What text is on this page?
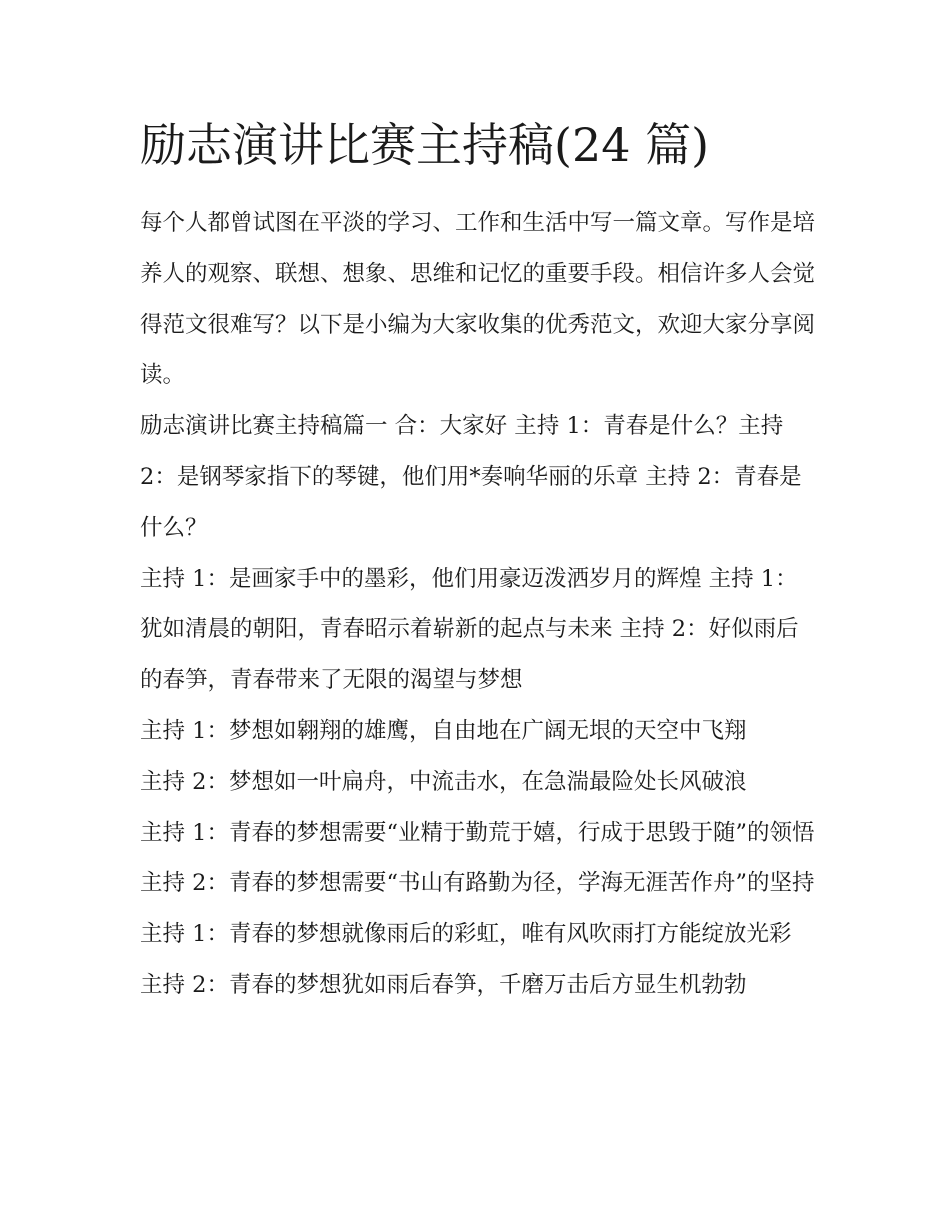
励志演讲比赛主持稿(24 篇)

每个人都曾试图在平淡的学习、工作和生活中写一篇文章。写作是培养人的观察、联想、想象、思维和记忆的重要手段。相信许多人会觉得范文很难写？以下是小编为大家收集的优秀范文，欢迎大家分享阅读。

励志演讲比赛主持稿篇一 合：大家好 主持 1：青春是什么？主持 2：是钢琴家指下的琴键，他们用*奏响华丽的乐章 主持 2：青春是什么？

主持 1：是画家手中的墨彩，他们用豪迈泼洒岁月的辉煌 主持 1：犹如清晨的朝阳，青春昭示着崭新的起点与未来 主持 2：好似雨后的春笋，青春带来了无限的渴望与梦想

主持 1：梦想如翱翔的雄鹰，自由地在广阔无垠的天空中飞翔

主持 2：梦想如一叶扁舟，中流击水，在急湍最险处长风破浪

主持 1：青春的梦想需要“业精于勤荒于嬉，行成于思毁于随”的领悟 主持 2：青春的梦想需要“书山有路勤为径，学海无涯苦作舟”的坚持

主持 1：青春的梦想就像雨后的彩虹，唯有风吹雨打方能绽放光彩 主持 2：青春的梦想犹如雨后春笋，千磨万击后方显生机勃勃
